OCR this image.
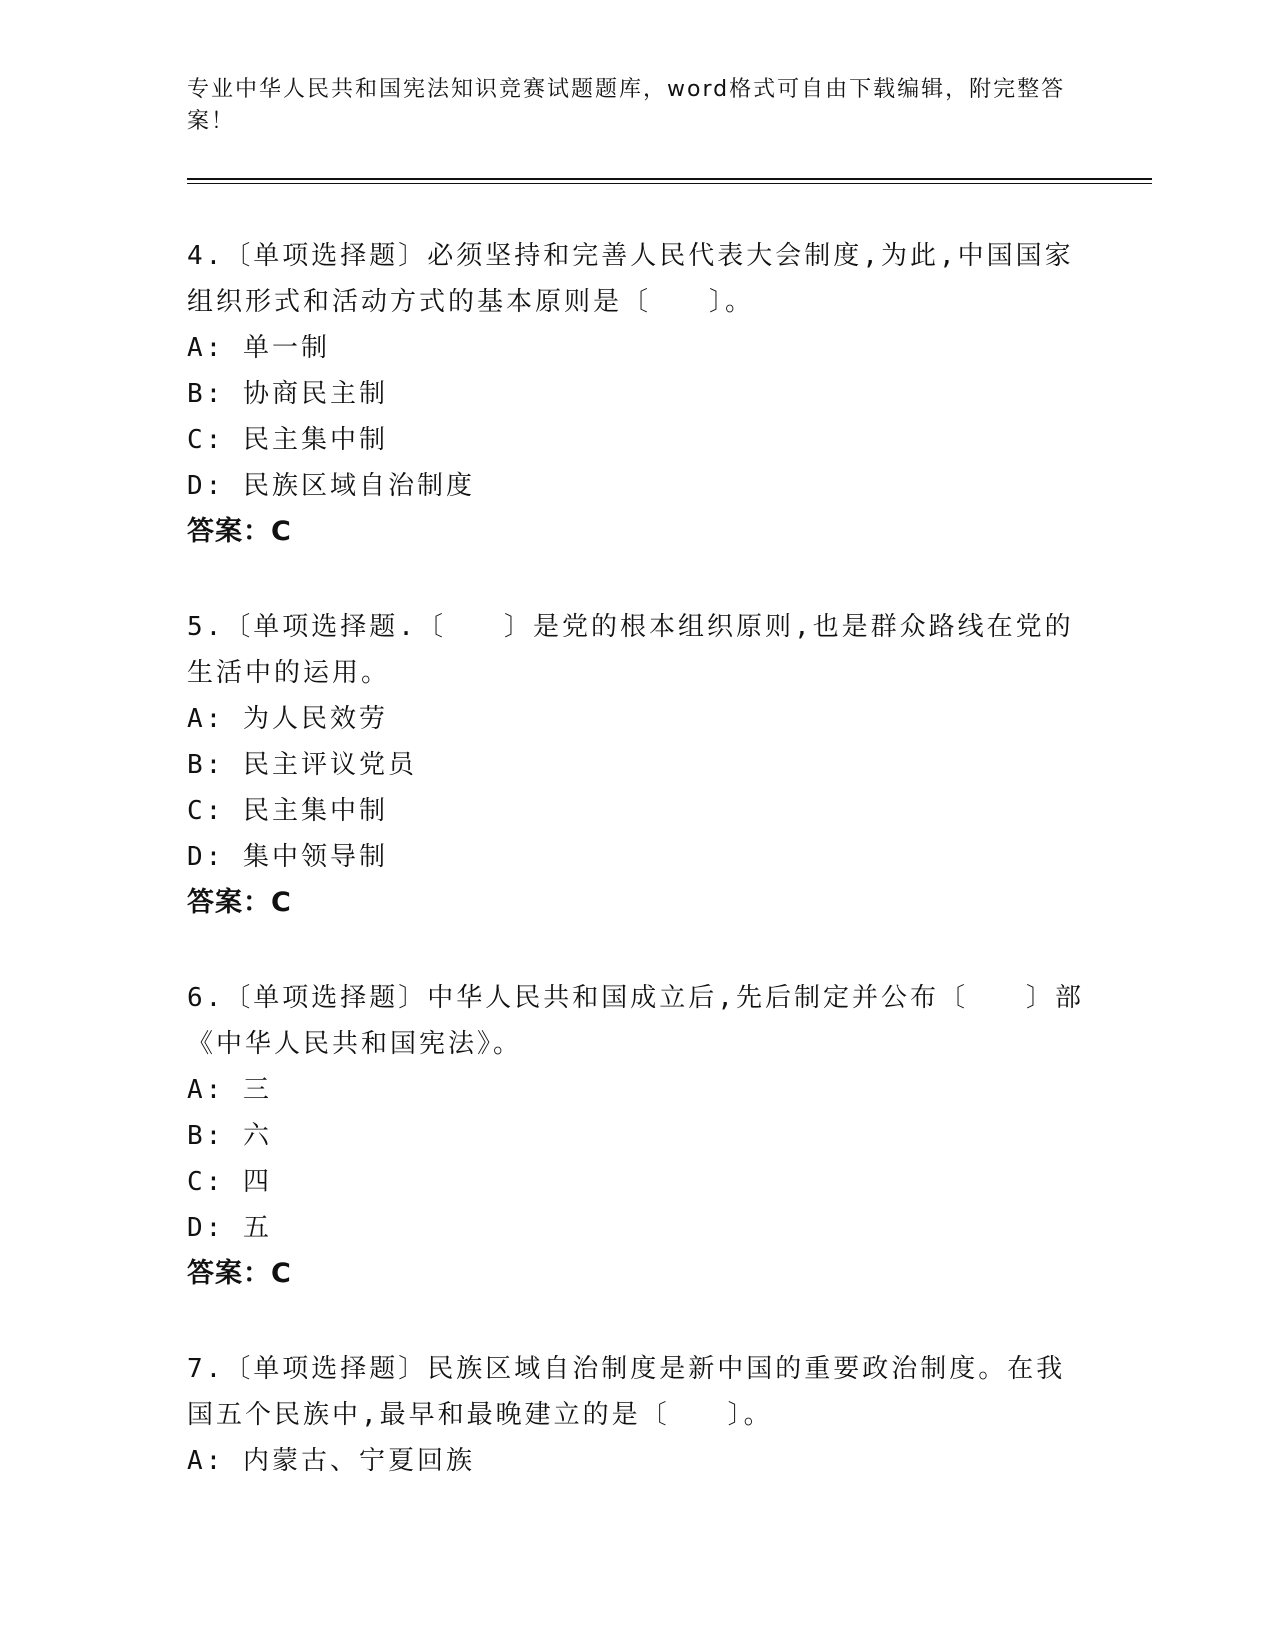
专业中华人民共和国宪法知识竞赛试题题库，word格式可自由下载编辑，附完整答案！
4.〔单项选择题〕必须坚持和完善人民代表大会制度,为此,中国国家组织形式和活动方式的基本原则是〔　　〕。
A: 单一制
B: 协商民主制
C: 民主集中制
D: 民族区域自治制度
答案：C
5.〔单项选择题.〔　　〕是党的根本组织原则,也是群众路线在党的生活中的运用。
A: 为人民效劳
B: 民主评议党员
C: 民主集中制
D: 集中领导制
答案：C
6.〔单项选择题〕中华人民共和国成立后,先后制定并公布〔　　〕部《中华人民共和国宪法》。
A: 三
B: 六
C: 四
D: 五
答案：C
7.〔单项选择题〕民族区域自治制度是新中国的重要政治制度。在我国五个民族中,最早和最晚建立的是〔　　〕。
A: 内蒙古、宁夏回族
